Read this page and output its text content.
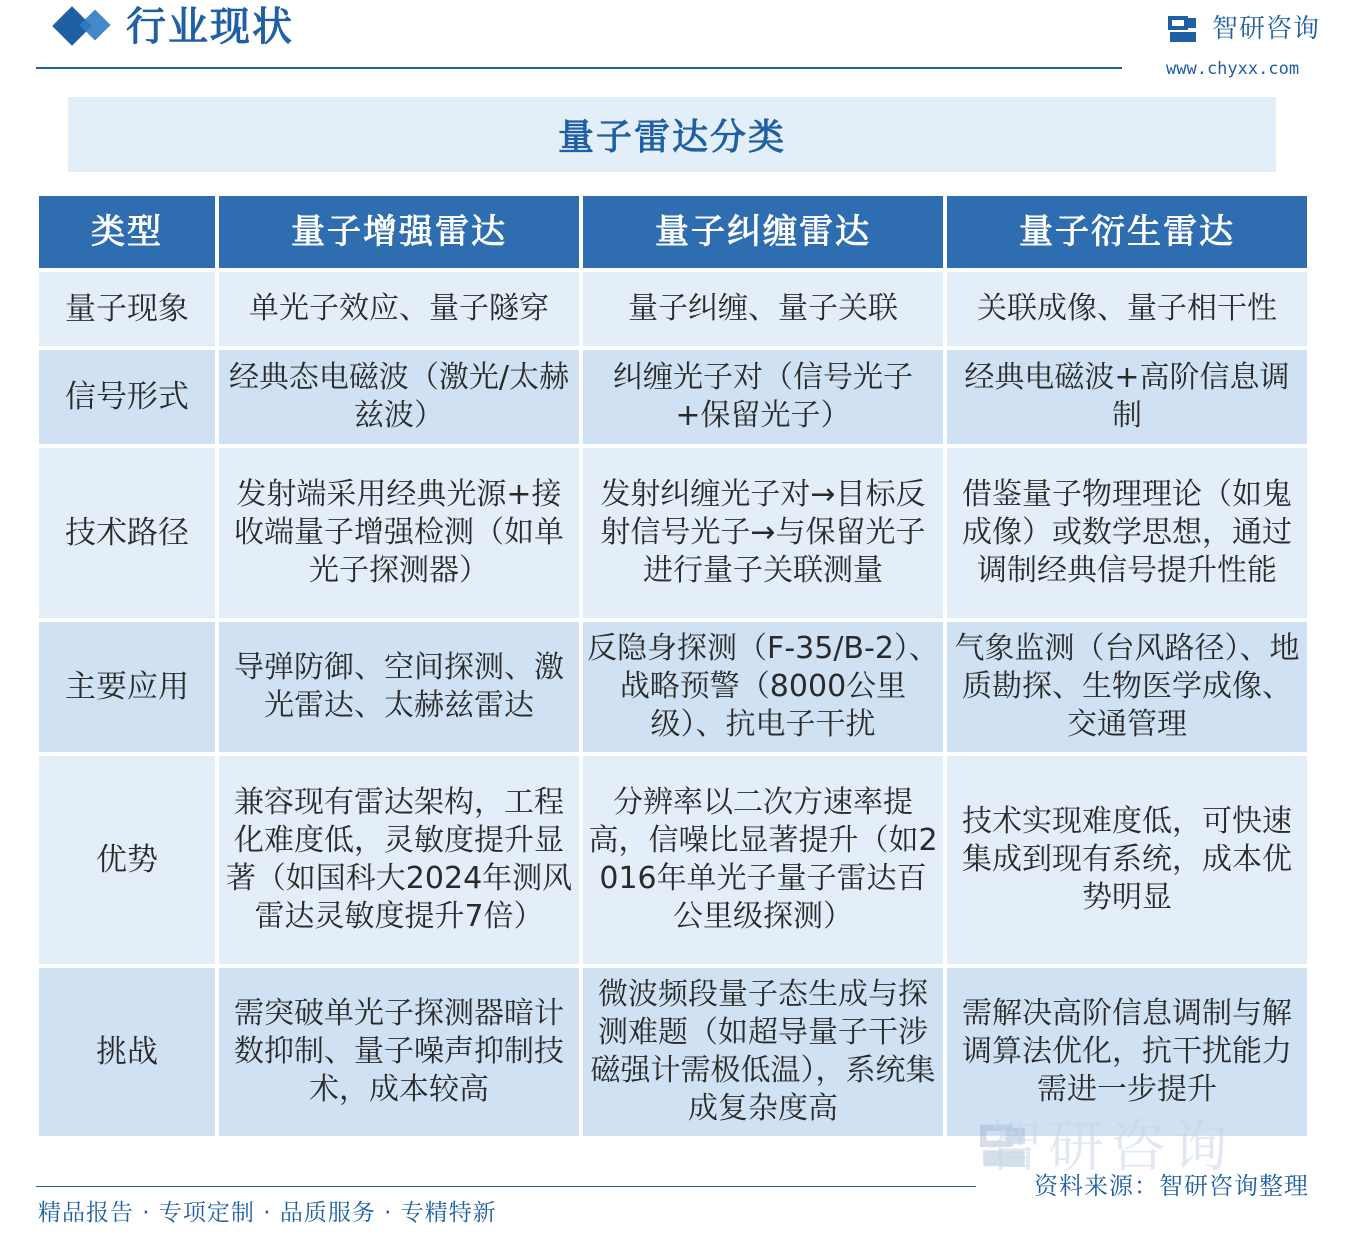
行业现状	智研咨询
www.chyxx.com
量子雷达分类
类型	量子增强雷达	量子纠缠雷达	量子衍生雷达
量子现象	单光子效应、量子隧穿	量子纠缠、量子关联	关联成像、量子相干性
信号形式	经典态电磁波（激光/太赫兹波）	纠缠光子对（信号光子+保留光子）	经典电磁波+高阶信息调制
技术路径	发射端采用经典光源+接收端量子增强检测（如单光子探测器）	发射纠缠光子对→目标反射信号光子→与保留光子进行量子关联测量	借鉴量子物理理论（如鬼成像）或数学思想，通过调制经典信号提升性能
主要应用	导弹防御、空间探测、激光雷达、太赫兹雷达	反隐身探测（F-35/B-2）、战略预警（8000公里级）、抗电子干扰	气象监测（台风路径）、地质勘探、生物医学成像、交通管理
优势	兼容现有雷达架构，工程化难度低，灵敏度提升显著（如国科大2024年测风雷达灵敏度提升7倍）	分辨率以二次方速率提高，信噪比显著提升（如2016年单光子量子雷达百公里级探测）	技术实现难度低，可快速集成到现有系统，成本优势明显
挑战	需突破单光子探测器暗计数抑制、量子噪声抑制技术，成本较高	微波频段量子态生成与探测难题（如超导量子干涉磁强计需极低温），系统集成复杂度高	需解决高阶信息调制与解调算法优化，抗干扰能力需进一步提升
智研咨询
资料来源：智研咨询整理
精品报告 · 专项定制 · 品质服务 · 专精特新
